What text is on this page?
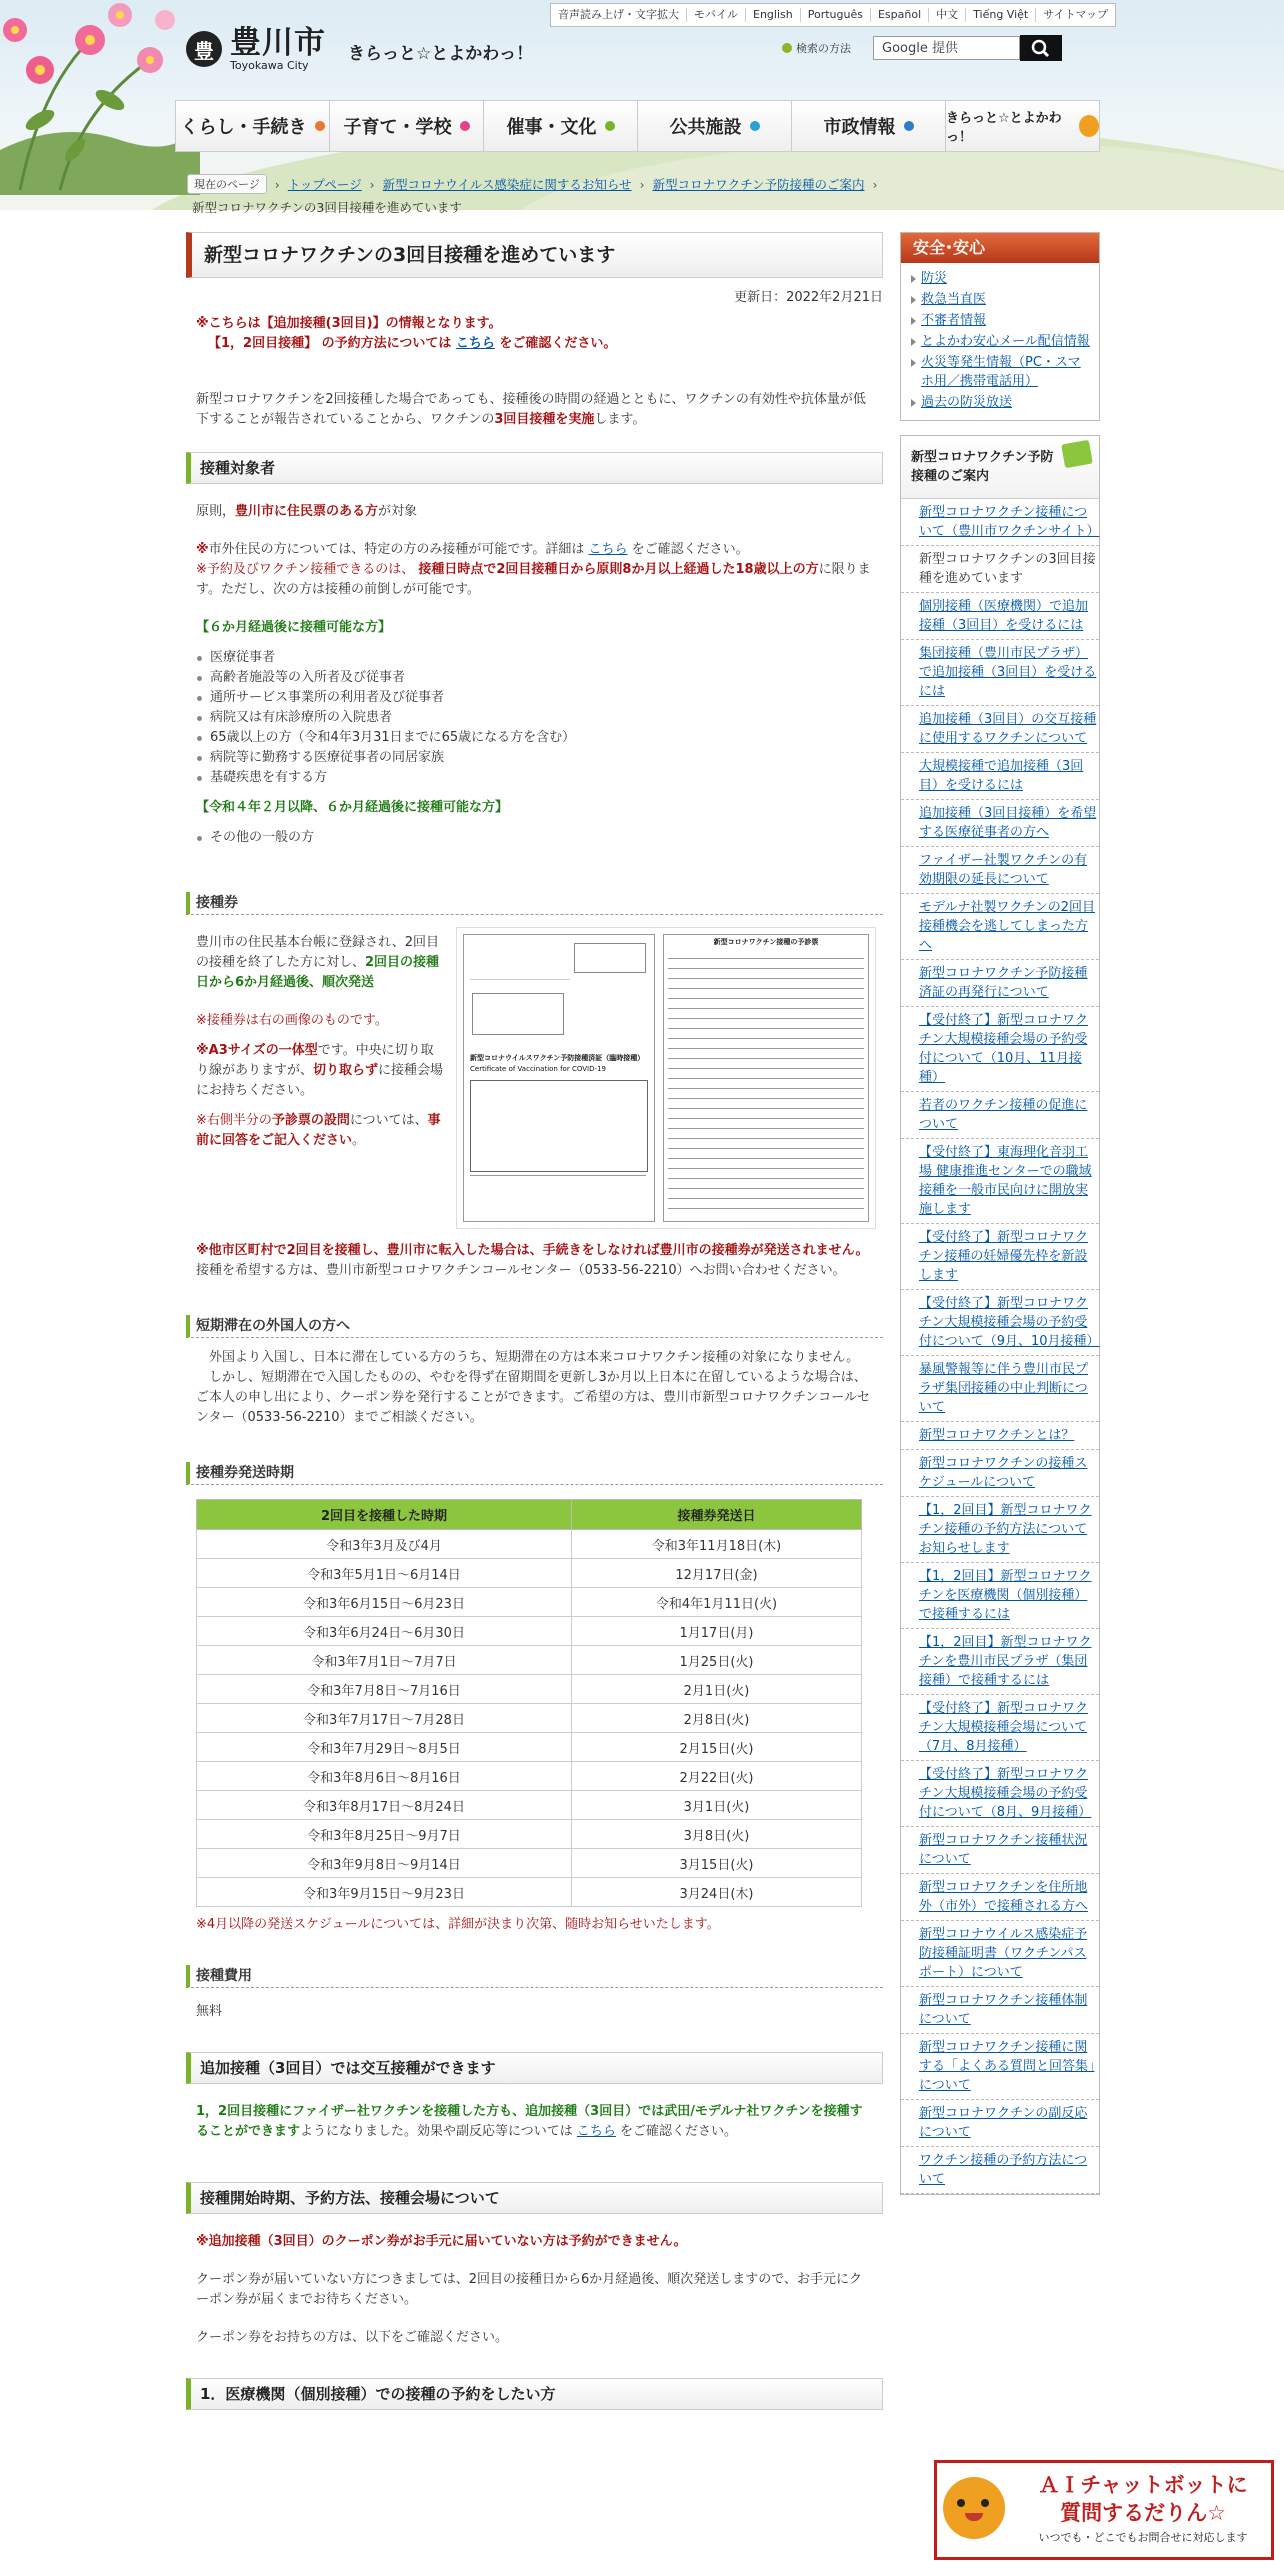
豊 豊川市
Toyokawa City
きらっと☆とよかわっ！
音声読み上げ・文字拡大	モバイル	English	Português	Español	中文	Tiếng Việt	サイトマップ
検索の方法	Google 提供
くらし・手続き 子育て・学校	催事・文化	公共施設	市政情報	きらっと☆とよかわっ！
現在のページ	› トップページ › 新型コロナウイルス感染症に関するお知らせ › 新型コロナワクチン予防接種のご案内 ›
新型コロナワクチンの3回目接種を進めています
新型コロナワクチンの3回目接種を進めています
更新日：2022年2月21日
※こちらは【追加接種(3回目)】の情報となります。
【1，2回目接種】 の予約方法については こちら をご確認ください。
新型コロナワクチンを2回接種した場合であっても、接種後の時間の経過とともに、ワクチンの有効性や抗体量が低下することが報告されていることから、ワクチンの3回目接種を実施します。
接種対象者
原則，豊川市に住民票のある方が対象
※市外住民の方については、特定の方のみ接種が可能です。詳細は こちら をご確認ください。
※予約及びワクチン接種できるのは、 接種日時点で2回目接種日から原則8か月以上経過した18歳以上の方に限ります。ただし、次の方は接種の前倒しが可能です。
【６か月経過後に接種可能な方】
医療従事者
高齢者施設等の入所者及び従事者
通所サービス事業所の利用者及び従事者
病院又は有床診療所の入院患者
65歳以上の方（令和4年3月31日までに65歳になる方を含む）
病院等に勤務する医療従事者の同居家族
基礎疾患を有する方
【令和４年２月以降、６か月経過後に接種可能な方】
その他の一般の方
接種券
豊川市の住民基本台帳に登録され、2回目の接種を終了した方に対し、2回目の接種日から6か月経過後、順次発送
※接種券は右の画像のものです。
※A3サイズの一体型です。中央に切り取り線がありますが、切り取らずに接種会場にお持ちください。
※右側半分の予診票の設問については、事前に回答をご記入ください。
新型コロナウイルスワクチン予防接種済証（臨時接種）
Certificate of Vaccination for COVID-19
新型コロナワクチン接種の予診票
※他市区町村で2回目を接種し、豊川市に転入した場合は、手続きをしなければ豊川市の接種券が発送されません。接種を希望する方は、豊川市新型コロナワクチンコールセンター（0533-56-2210）へお問い合わせください。
短期滞在の外国人の方へ
外国より入国し、日本に滞在している方のうち、短期滞在の方は本来コロナワクチン接種の対象になりません。
しかし、短期滞在で入国したものの、やむを得ず在留期間を更新し3か月以上日本に在留しているような場合は、ご本人の申し出により、クーポン券を発行することができます。ご希望の方は、豊川市新型コロナワクチンコールセンター（0533-56-2210）までご相談ください。
接種券発送時期
2回目を接種した時期	接種券発送日
令和3年3月及び4月	令和3年11月18日(木)
令和3年5月1日～6月14日	12月17日(金)
令和3年6月15日～6月23日	令和4年1月11日(火)
令和3年6月24日～6月30日	1月17日(月)
令和3年7月1日～7月7日	1月25日(火)
令和3年7月8日～7月16日	2月1日(火)
令和3年7月17日～7月28日	2月8日(火)
令和3年7月29日～8月5日	2月15日(火)
令和3年8月6日～8月16日	2月22日(火)
令和3年8月17日～8月24日	3月1日(火)
令和3年8月25日～9月7日	3月8日(火)
令和3年9月8日～9月14日	3月15日(火)
令和3年9月15日～9月23日	3月24日(木)
※4月以降の発送スケジュールについては、詳細が決まり次第、随時お知らせいたします。
接種費用
無料
追加接種（3回目）では交互接種ができます
1，2回目接種にファイザー社ワクチンを接種した方も、追加接種（3回目）では武田/モデルナ社ワクチンを接種することができますようになりました。効果や副反応等については こちら をご確認ください。
接種開始時期、予約方法、接種会場について
※追加接種（3回目）のクーポン券がお手元に届いていない方は予約ができません。
クーポン券が届いていない方につきましては、2回目の接種日から6か月経過後、順次発送しますので、お手元にクーポン券が届くまでお待ちください。
クーポン券をお持ちの方は、以下をご確認ください。
1．医療機関（個別接種）での接種の予約をしたい方
安全･安心
防災
救急当直医
不審者情報
とよかわ安心メール配信情報
火災等発生情報（PC・スマホ用／携帯電話用）
過去の防災放送
新型コロナワクチン予防接種のご案内
新型コロナワクチン接種について（豊川市ワクチンサイト）
新型コロナワクチンの3回目接種を進めています
個別接種（医療機関）で追加接種（3回目）を受けるには
集団接種（豊川市民プラザ）で追加接種（3回目）を受けるには
追加接種（3回目）の交互接種に使用するワクチンについて
大規模接種で追加接種（3回目）を受けるには
追加接種（3回目接種）を希望する医療従事者の方へ
ファイザー社製ワクチンの有効期限の延長について
モデルナ社製ワクチンの2回目接種機会を逃してしまった方へ
新型コロナワクチン予防接種済証の再発行について
【受付終了】新型コロナワクチン大規模接種会場の予約受付について（10月、11月接種）
若者のワクチン接種の促進について
【受付終了】東海理化音羽工場 健康推進センターでの職域接種を一般市民向けに開放実施します
【受付終了】新型コロナワクチン接種の妊婦優先枠を新設します
【受付終了】新型コロナワクチン大規模接種会場の予約受付について（9月、10月接種）
暴風警報等に伴う豊川市民プラザ集団接種の中止判断について
新型コロナワクチンとは？
新型コロナワクチンの接種スケジュールについて
【1，2回目】新型コロナワクチン接種の予約方法についてお知らせします
【1，2回目】新型コロナワクチンを医療機関（個別接種）で接種するには
【1，2回目】新型コロナワクチンを豊川市民プラザ（集団接種）で接種するには
【受付終了】新型コロナワクチン大規模接種会場について（7月、8月接種）
【受付終了】新型コロナワクチン大規模接種会場の予約受付について（8月、9月接種）
新型コロナワクチン接種状況について
新型コロナワクチンを住所地外（市外）で接種される方へ
新型コロナウイルス感染症予防接種証明書（ワクチンパスポート）について
新型コロナワクチン接種体制について
新型コロナワクチン接種に関する「よくある質問と回答集」について
新型コロナワクチンの副反応について
ワクチン接種の予約方法について
ＡＩチャットボットに
質問するだりん☆
いつでも・どこでもお問合せに対応します
